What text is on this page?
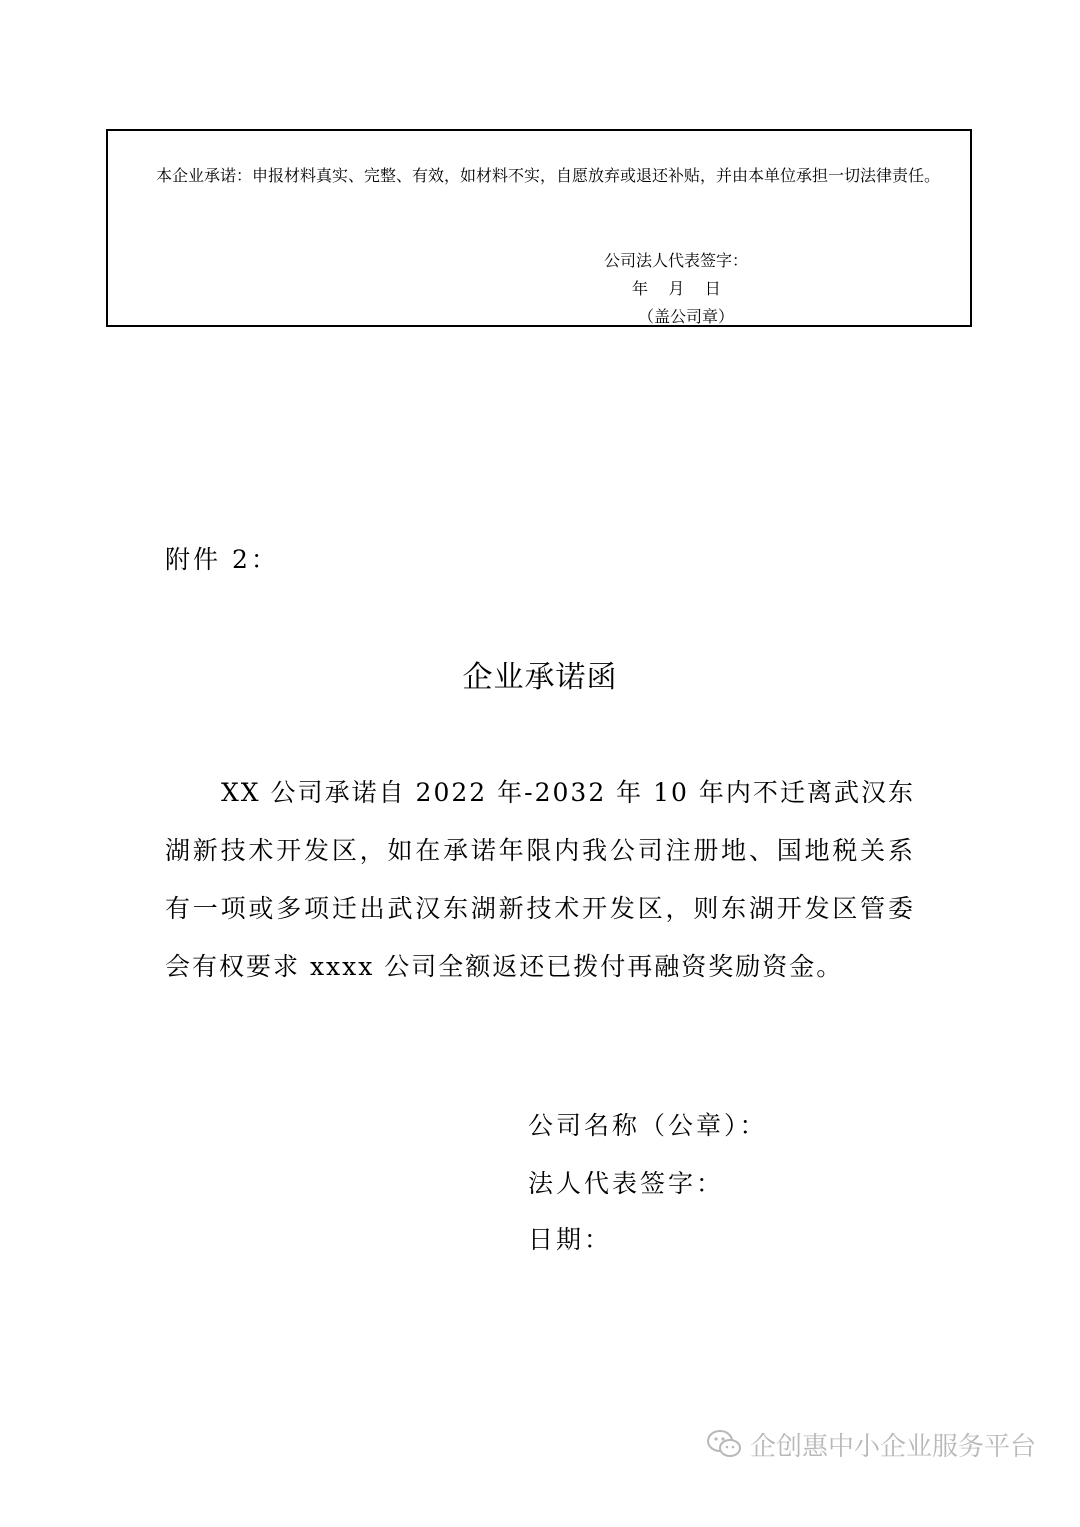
本企业承诺：申报材料真实、完整、有效，如材料不实，自愿放弃或退还补贴，并由本单位承担一切法律责任。

公司法人代表签字：
年    月    日
（盖公司章）
附件 2：
企业承诺函

XX 公司承诺自 2022 年-2032 年 10 年内不迁离武汉东湖新技术开发区，如在承诺年限内我公司注册地、国地税关系有一项或多项迁出武汉东湖新技术开发区，则东湖开发区管委会有权要求 xxxx 公司全额返还已拨付再融资奖励资金。

公司名称（公章）：
法人代表签字：
日期：
企创惠中小企业服务平台
